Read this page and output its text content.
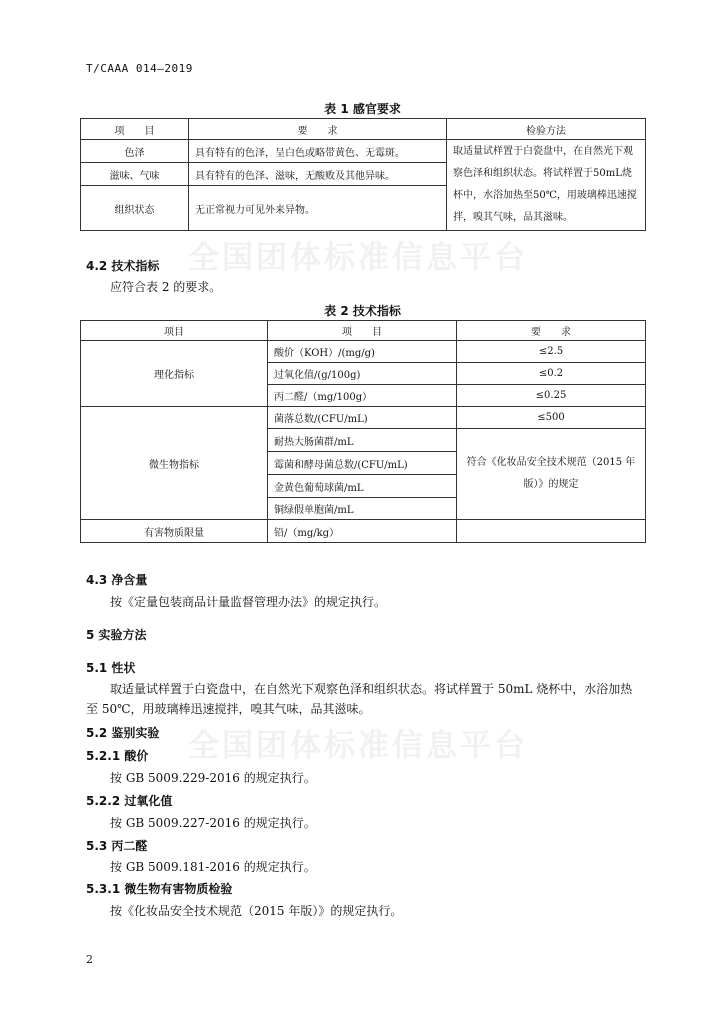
T/CAAA 014—2019
表 1 感官要求
项　　目	要　　求	检验方法
色泽	具有特有的色泽，呈白色或略带黄色、无霉斑。	取适量试样置于白瓷盘中，在自然光下观察色泽和组织状态。将试样置于50mL烧杯中，水浴加热至50℃，用玻璃棒迅速搅拌，嗅其气味，品其滋味。
滋味、气味	具有特有的色泽、滋味，无酸败及其他异味。	
组织状态	无正常视力可见外来异物。	
全国团体标准信息平台
4.2 技术指标
应符合表 2 的要求。
表 2 技术指标
项目	项　　目	要　　求
理化指标	酸价（KOH）/(mg/g)	≤2.5
	过氧化值/(g/100g)	≤0.2
	丙二醛/（mg/100g）	≤0.25
微生物指标	菌落总数/(CFU/mL)	≤500
	耐热大肠菌群/mL	符合《化妆品安全技术规范（2015 年版）》的规定
	霉菌和酵母菌总数/(CFU/mL)	
	金黄色葡萄球菌/mL	
	铜绿假单胞菌/mL	
有害物质限量	铅/（mg/kg）	
4.3 净含量
按《定量包装商品计量监督管理办法》的规定执行。
5 实验方法
5.1 性状
取适量试样置于白瓷盘中，在自然光下观察色泽和组织状态。将试样置于 50mL 烧杯中，水浴加热至 50℃，用玻璃棒迅速搅拌，嗅其气味，品其滋味。
全国团体标准信息平台
5.2 鉴别实验
5.2.1 酸价
按 GB 5009.229-2016 的规定执行。
5.2.2 过氧化值
按 GB 5009.227-2016 的规定执行。
5.3 丙二醛
按 GB 5009.181-2016 的规定执行。
5.3.1 微生物有害物质检验
按《化妆品安全技术规范（2015 年版）》的规定执行。
2
